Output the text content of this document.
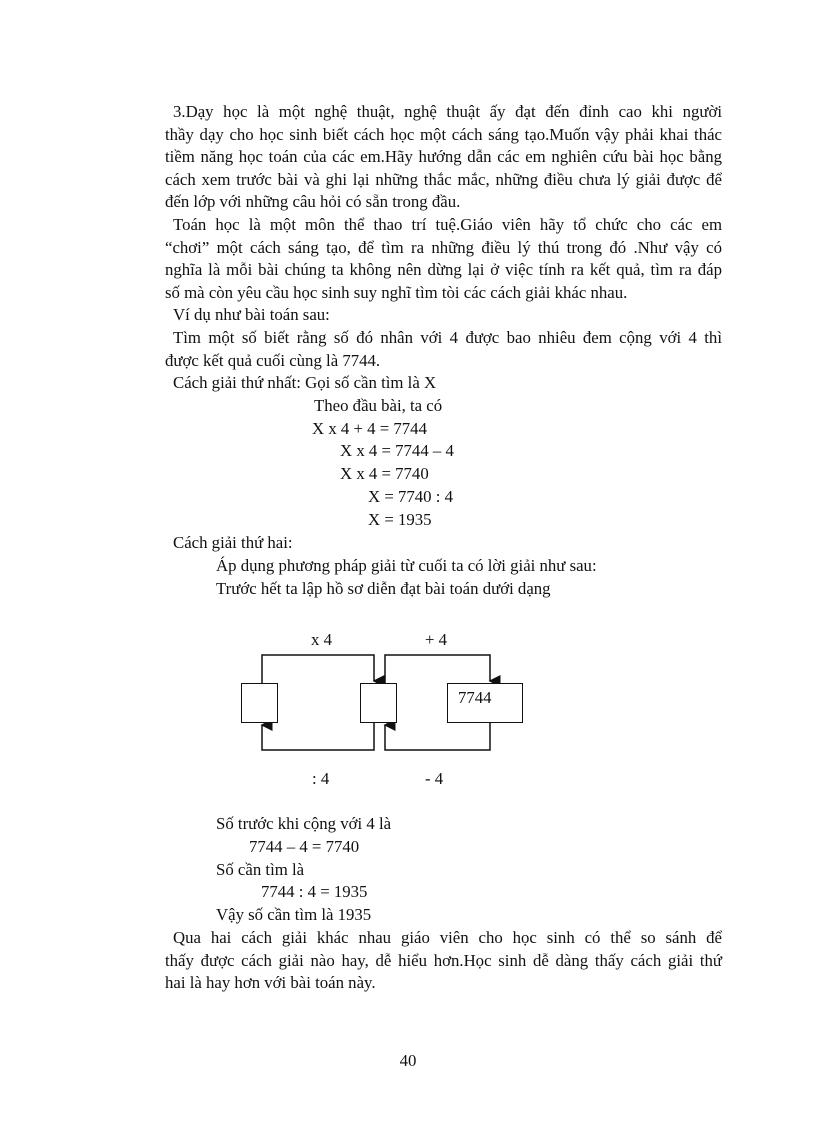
3.Dạy học là một nghệ thuật, nghệ thuật ấy đạt đến đỉnh cao khi người
thầy dạy cho học sinh biết cách học một cách sáng tạo.Muốn vậy phải khai thác
tiềm năng học toán của các em.Hãy hướng dẫn các em nghiên cứu bài học bằng
cách xem trước bài và ghi lại những thắc mắc, những điều chưa lý giải được để
đến lớp với những câu hỏi có sẵn trong đầu.
Toán học là một môn thể thao trí tuệ.Giáo viên hãy tổ chức cho các em
“chơi” một cách sáng tạo, để tìm ra những điều lý thú trong đó .Như vậy có
nghĩa là mỗi bài chúng ta không nên dừng lại ở việc tính ra kết quả, tìm ra đáp
số mà còn yêu cầu học sinh suy nghĩ tìm tòi các cách giải khác nhau.
Ví dụ như bài toán sau:
Tìm một số biết rằng số đó nhân với 4 được bao nhiêu đem cộng với 4 thì
được kết quả cuối cùng là 7744.
Cách giải thứ nhất: Gọi số cần tìm là X
Theo đầu bài, ta có
X x 4 + 4 = 7744
X x 4 = 7744 – 4
X x 4 = 7740
X = 7740 : 4
X = 1935
Cách giải thứ hai:
Áp dụng phương pháp giải từ cuối ta có lời giải như sau:
Trước hết ta lập hồ sơ diễn đạt bài toán dưới dạng
7744
x 4	+ 4
: 4	- 4
Số trước khi cộng với 4 là
7744 – 4 = 7740
Số cần tìm là
7744 : 4 = 1935
Vậy số cần tìm là 1935
Qua hai cách giải khác nhau giáo viên cho học sinh có thể so sánh để
thấy được cách giải nào hay, dễ hiểu hơn.Học sinh dễ dàng thấy cách giải thứ
hai là hay hơn với bài toán này.
40
